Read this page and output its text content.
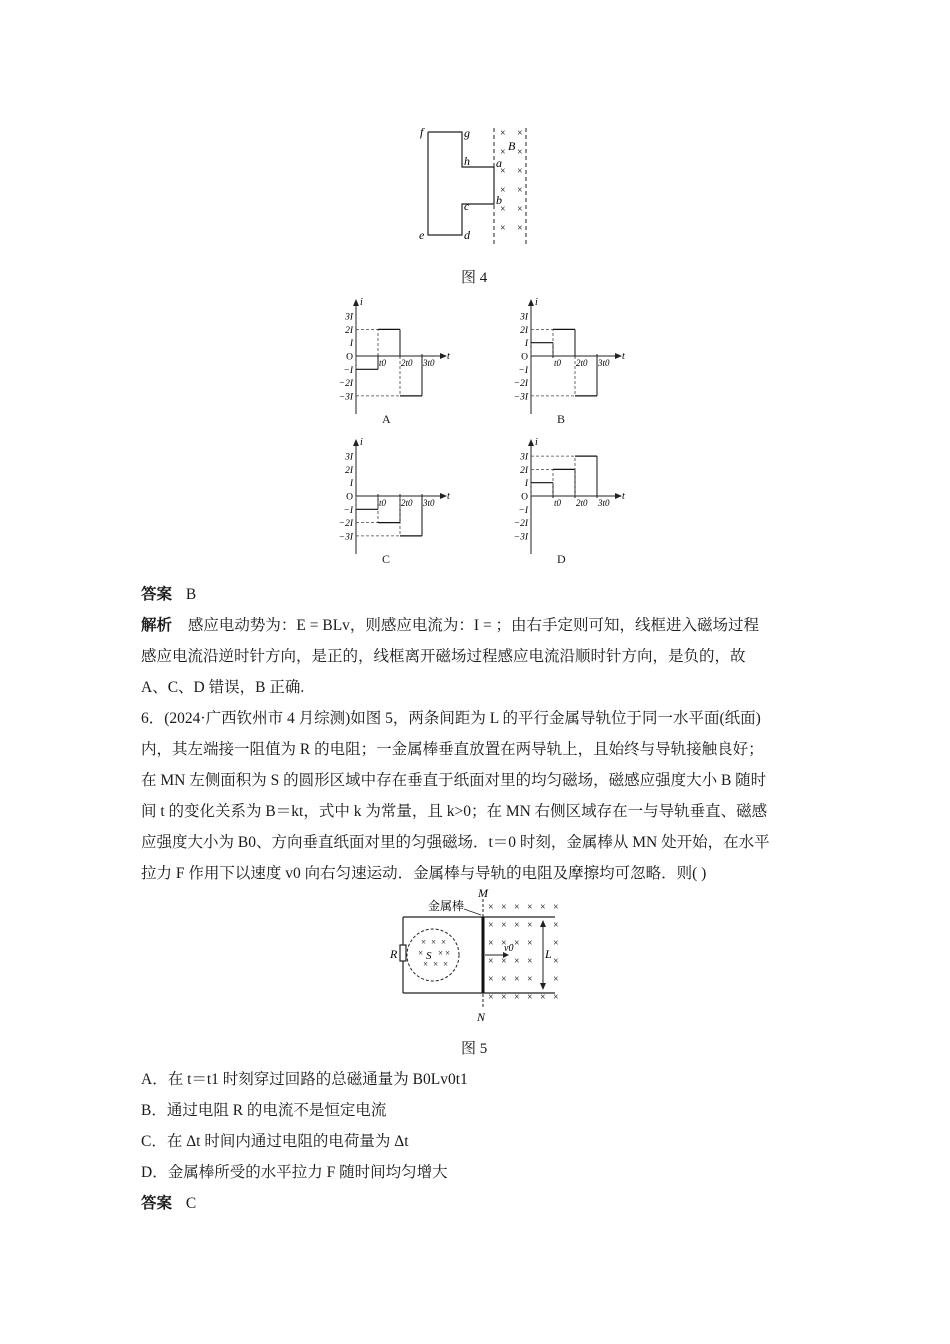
f	g
h a
B
b
c
e	d
× ×
× ×
× ×
× ×
× ×
× ×
图 4
i
t
3I
2I
I
O
−I
−2I
−3I
t0 2t0 3t0
i
t
3I
2I
I
O
−I
−2I
−3I
t0 2t0 3t0
i
t
3I
2I
I
O
−I
−2I
−3I
t0 2t0 3t0
i
t
3I
2I
I
O
−I
−2I
−3I
t0 2t0 3t0
答案 B
解析 感应电动势为：E = BLv，则感应电流为：I = ；由右手定则可知，线框进入磁场过程
感应电流沿逆时针方向，是正的，线框离开磁场过程感应电流沿顺时针方向，是负的，故
A、C、D 错误，B 正确.
6．(2024·广西钦州市 4 月综测)如图 5，两条间距为 L 的平行金属导轨位于同一水平面(纸面)
内，其左端接一阻值为 R 的电阻；一金属棒垂直放置在两导轨上，且始终与导轨接触良好；
在 MN 左侧面积为 S 的圆形区域中存在垂直于纸面对里的均匀磁场，磁感应强度大小 B 随时
间 t 的变化关系为 B＝kt，式中 k 为常量，且 k>0；在 MN 右侧区域存在一与导轨垂直、磁感
应强度大小为 B0、方向垂直纸面对里的匀强磁场．t＝0 时刻，金属棒从 MN 处开始，在水平
拉力 F 作用下以速度 v0 向右匀速运动．金属棒与导轨的电阻及摩擦均可忽略．则( )
× × × × × ×
× × × × ×
× × × × ×
× × × × ×
× × × × ×
× × × × × ×
× × ×
× × ×
× × ×
金属棒
M
N
R	S	L
v0
图 5
A．在 t＝t1 时刻穿过回路的总磁通量为 B0Lv0t1
B．通过电阻 R 的电流不是恒定电流
C．在 Δt 时间内通过电阻的电荷量为 Δt
D．金属棒所受的水平拉力 F 随时间均匀增大
答案 C
A	B
C	D
